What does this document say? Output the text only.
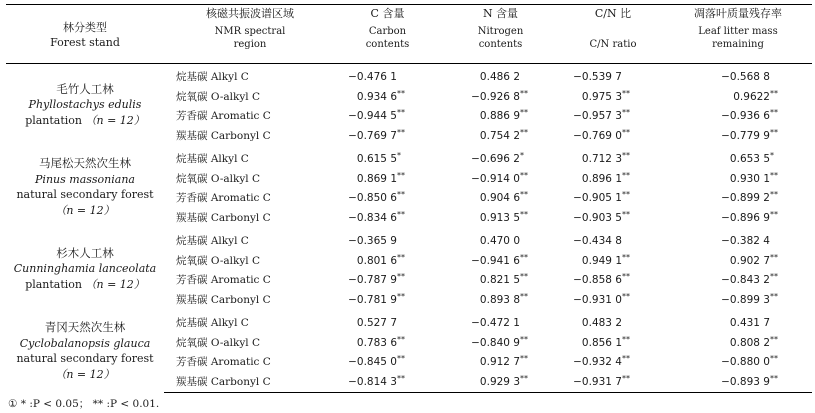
林分类型
Forest stand	核磁共振波谱区域	C 含量	N 含量	C/N 比	凋落叶质量残存率

	NMR spectral region	Carbon contents	Nitrogen contents	C/N ratio	Leaf litter mass remaining

毛竹人工林
Phyllostachys edulis
plantation （n = 12）	烷基碳 Alkyl C	−0.476 1	0.486 2	−0.539 7	−0.568 8
	烷氧碳 O-alkyl C	0.934 6**	−0.926 8**	0.975 3**	0.9622**
	芳香碳 Aromatic C	−0.944 5**	0.886 9**	−0.957 3**	−0.936 6**
	羰基碳 Carbonyl C	−0.769 7**	0.754 2**	−0.769 0**	−0.779 9**

马尾松天然次生林
Pinus massoniana
natural secondary forest （n = 12）	烷基碳 Alkyl C	0.615 5*	−0.696 2*	0.712 3**	0.653 5*
	烷氧碳 O-alkyl C	0.869 1**	−0.914 0**	0.896 1**	0.930 1**
	芳香碳 Aromatic C	−0.850 6**	0.904 6**	−0.905 1**	−0.899 2**
	羰基碳 Carbonyl C	−0.834 6**	0.913 5**	−0.903 5**	−0.896 9**

杉木人工林
Cunninghamia lanceolata
plantation （n = 12）	烷基碳 Alkyl C	−0.365 9	0.470 0	−0.434 8	−0.382 4
	烷氧碳 O-alkyl C	0.801 6**	−0.941 6**	0.949 1**	0.902 7**
	芳香碳 Aromatic C	−0.787 9**	0.821 5**	−0.858 6**	−0.843 2**
	羰基碳 Carbonyl C	−0.781 9**	0.893 8**	−0.931 0**	−0.899 3**

青冈天然次生林
Cyclobalanopsis glauca
natural secondary forest （n = 12）	烷基碳 Alkyl C	0.527 7	−0.472 1	0.483 2	0.431 7
	烷氧碳 O-alkyl C	0.783 6**	−0.840 9**	0.856 1**	0.808 2**
	芳香碳 Aromatic C	−0.845 0**	0.912 7**	−0.932 4**	−0.880 0**
	羰基碳 Carbonyl C	−0.814 3**	0.929 3**	−0.931 7**	−0.893 9**
① * :P < 0.05； ** :P < 0.01.
